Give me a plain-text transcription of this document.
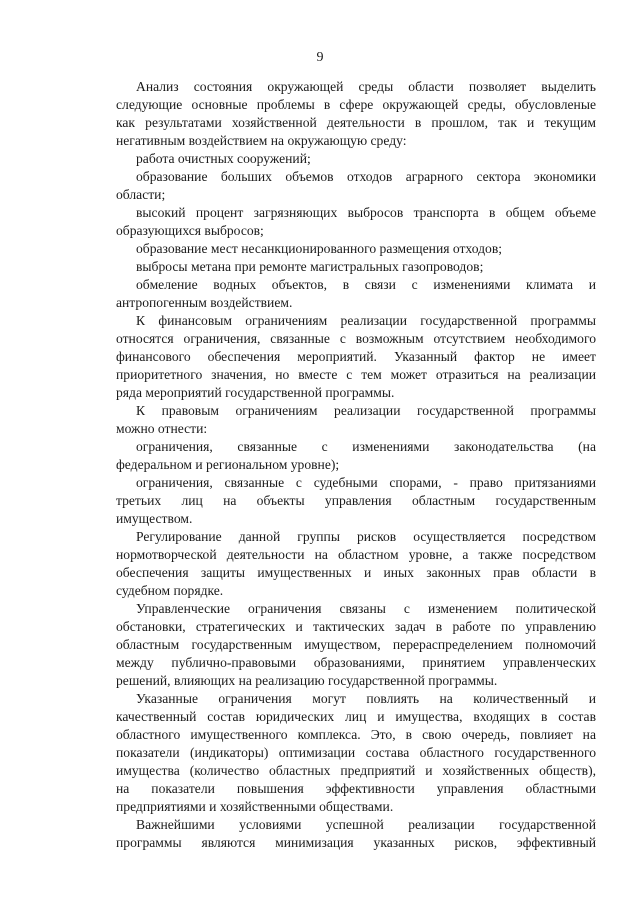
9
Анализ состояния окружающей среды области позволяет выделить
следующие основные проблемы в сфере окружающей среды, обусловленые
как результатами хозяйственной деятельности в прошлом, так и текущим
негативным воздействием на окружающую среду:
работа очистных сооружений;
образование больших объемов отходов аграрного сектора экономики
области;
высокий процент загрязняющих выбросов транспорта в общем объеме
образующихся выбросов;
образование мест несанкционированного размещения отходов;
выбросы метана при ремонте магистральных газопроводов;
обмеление водных объектов, в связи с изменениями климата и
антропогенным воздействием.
К финансовым ограничениям реализации государственной программы
относятся ограничения, связанные с возможным отсутствием необходимого
финансового обеспечения мероприятий. Указанный фактор не имеет
приоритетного значения, но вместе с тем может отразиться на реализации
ряда мероприятий государственной программы.
К правовым ограничениям реализации государственной программы
можно отнести:
ограничения, связанные с изменениями законодательства (на
федеральном и региональном уровне);
ограничения, связанные с судебными спорами, - право притязаниями
третьих лиц на объекты управления областным государственным
имуществом.
Регулирование данной группы рисков осуществляется посредством
нормотворческой деятельности на областном уровне, а также посредством
обеспечения защиты имущественных и иных законных прав области в
судебном порядке.
Управленческие ограничения связаны с изменением политической
обстановки, стратегических и тактических задач в работе по управлению
областным государственным имуществом, перераспределением полномочий
между публично-правовыми образованиями, принятием управленческих
решений, влияющих на реализацию государственной программы.
Указанные ограничения могут повлиять на количественный и
качественный состав юридических лиц и имущества, входящих в состав
областного имущественного комплекса. Это, в свою очередь, повлияет на
показатели (индикаторы) оптимизации состава областного государственного
имущества (количество областных предприятий и хозяйственных обществ),
на показатели повышения эффективности управления областными
предприятиями и хозяйственными обществами.
Важнейшими условиями успешной реализации государственной
программы являются минимизация указанных рисков, эффективный
